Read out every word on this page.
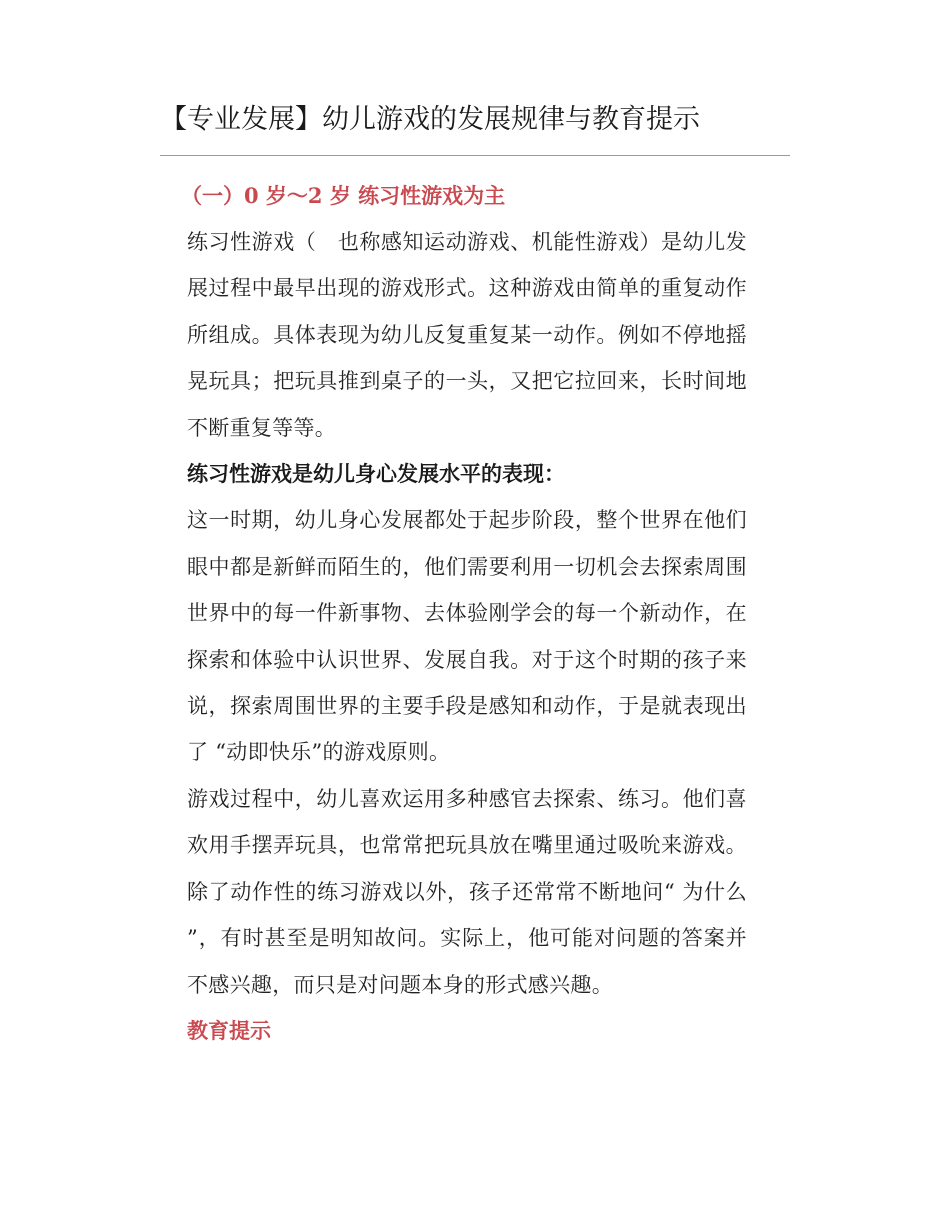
【专业发展】幼儿游戏的发展规律与教育提示
（一）0 岁～2 岁 练习性游戏为主

练习性游戏（　也称感知运动游戏、机能性游戏）是幼儿发展过程中最早出现的游戏形式。这种游戏由简单的重复动作所组成。具体表现为幼儿反复重复某一动作。例如不停地摇晃玩具；把玩具推到桌子的一头，又把它拉回来，长时间地不断重复等等。

练习性游戏是幼儿身心发展水平的表现：

这一时期，幼儿身心发展都处于起步阶段，整个世界在他们眼中都是新鲜而陌生的，他们需要利用一切机会去探索周围世界中的每一件新事物、去体验刚学会的每一个新动作，在探索和体验中认识世界、发展自我。对于这个时期的孩子来说，探索周围世界的主要手段是感知和动作，于是就表现出了 “动即快乐”的游戏原则。

游戏过程中，幼儿喜欢运用多种感官去探索、练习。他们喜欢用手摆弄玩具，也常常把玩具放在嘴里通过吸吮来游戏。除了动作性的练习游戏以外，孩子还常常不断地问“ 为什么 ”，有时甚至是明知故问。实际上，他可能对问题的答案并不感兴趣，而只是对问题本身的形式感兴趣。

教育提示
